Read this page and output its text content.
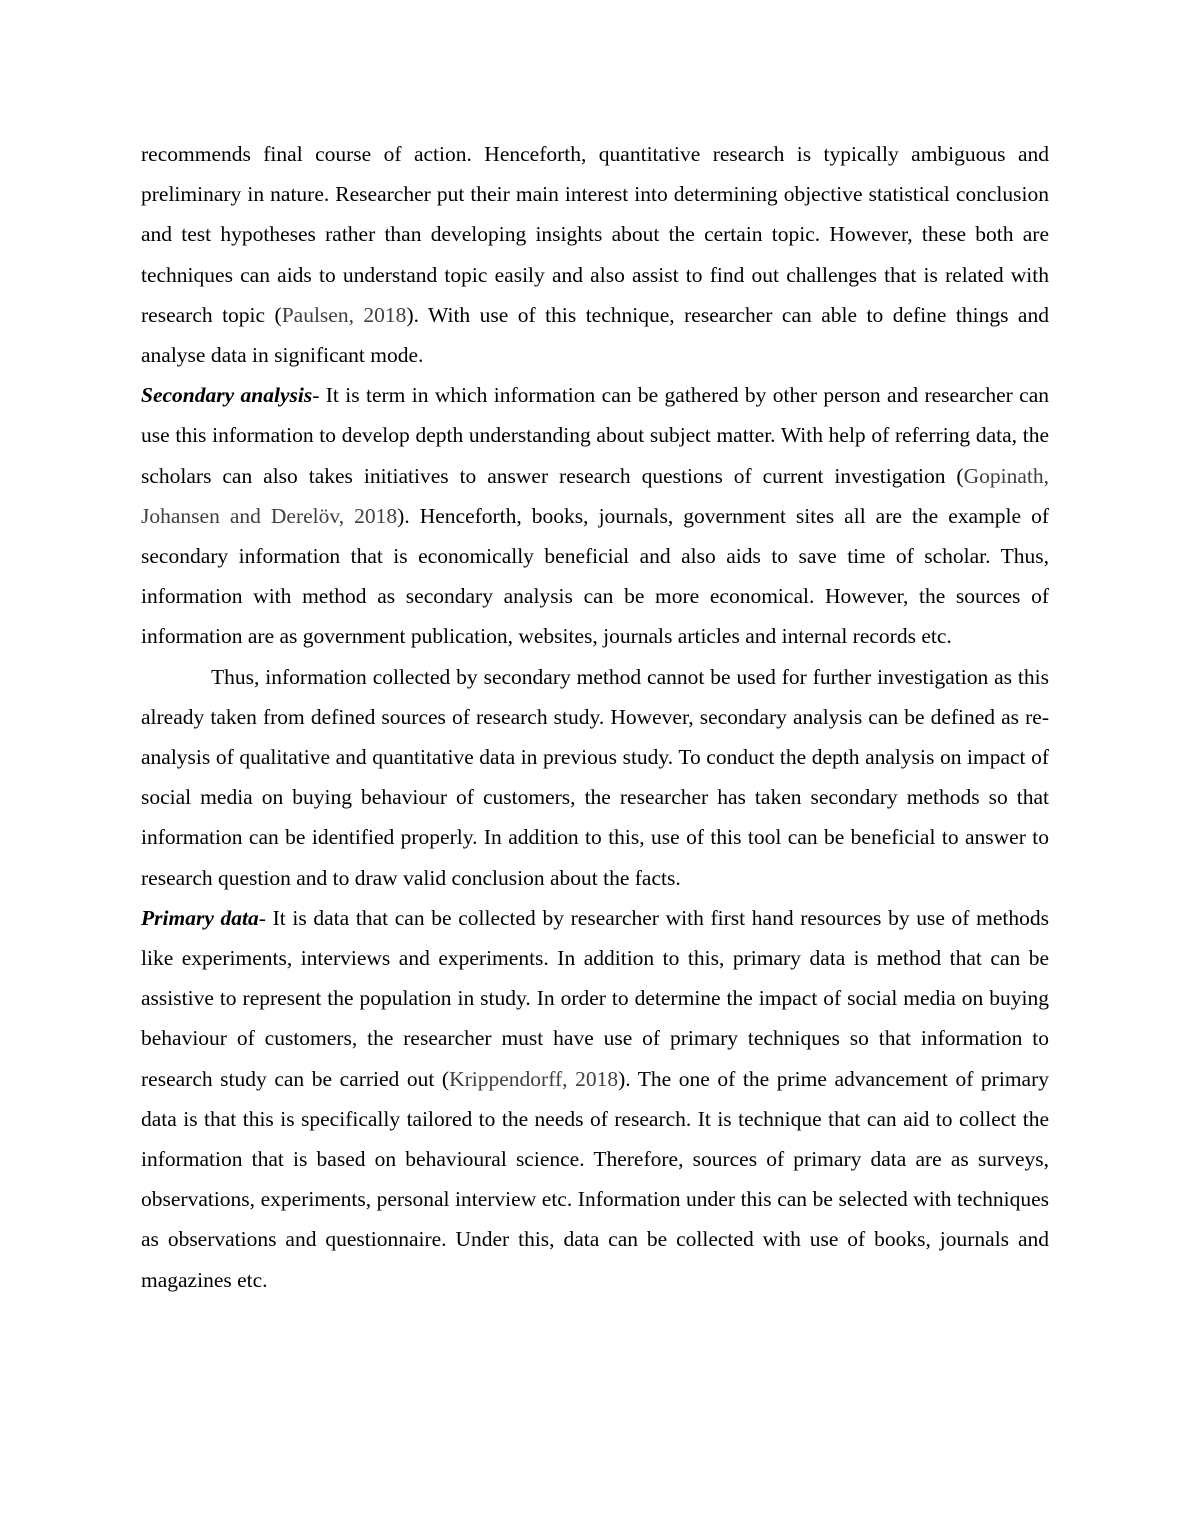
recommends final course of action. Henceforth, quantitative research is typically ambiguous and preliminary in nature. Researcher put their main interest into determining objective statistical conclusion and test hypotheses rather than developing insights about the certain topic. However, these both are techniques can aids to understand topic easily and also assist to find out challenges that is related with research topic (Paulsen, 2018). With use of this technique, researcher can able to define things and analyse data in significant mode.

Secondary analysis- It is term in which information can be gathered by other person and researcher can use this information to develop depth understanding about subject matter. With help of referring data, the scholars can also takes initiatives to answer research questions of current investigation (Gopinath, Johansen and Derelöv, 2018). Henceforth, books, journals, government sites all are the example of secondary information that is economically beneficial and also aids to save time of scholar. Thus, information with method as secondary analysis can be more economical. However, the sources of information are as government publication, websites, journals articles and internal records etc.

Thus, information collected by secondary method cannot be used for further investigation as this already taken from defined sources of research study. However, secondary analysis can be defined as re-analysis of qualitative and quantitative data in previous study. To conduct the depth analysis on impact of social media on buying behaviour of customers, the researcher has taken secondary methods so that information can be identified properly. In addition to this, use of this tool can be beneficial to answer to research question and to draw valid conclusion about the facts.

Primary data- It is data that can be collected by researcher with first hand resources by use of methods like experiments, interviews and experiments. In addition to this, primary data is method that can be assistive to represent the population in study. In order to determine the impact of social media on buying behaviour of customers, the researcher must have use of primary techniques so that information to research study can be carried out (Krippendorff, 2018). The one of the prime advancement of primary data is that this is specifically tailored to the needs of research. It is technique that can aid to collect the information that is based on behavioural science. Therefore, sources of primary data are as surveys, observations, experiments, personal interview etc. Information under this can be selected with techniques as observations and questionnaire. Under this, data can be collected with use of books, journals and magazines etc.
